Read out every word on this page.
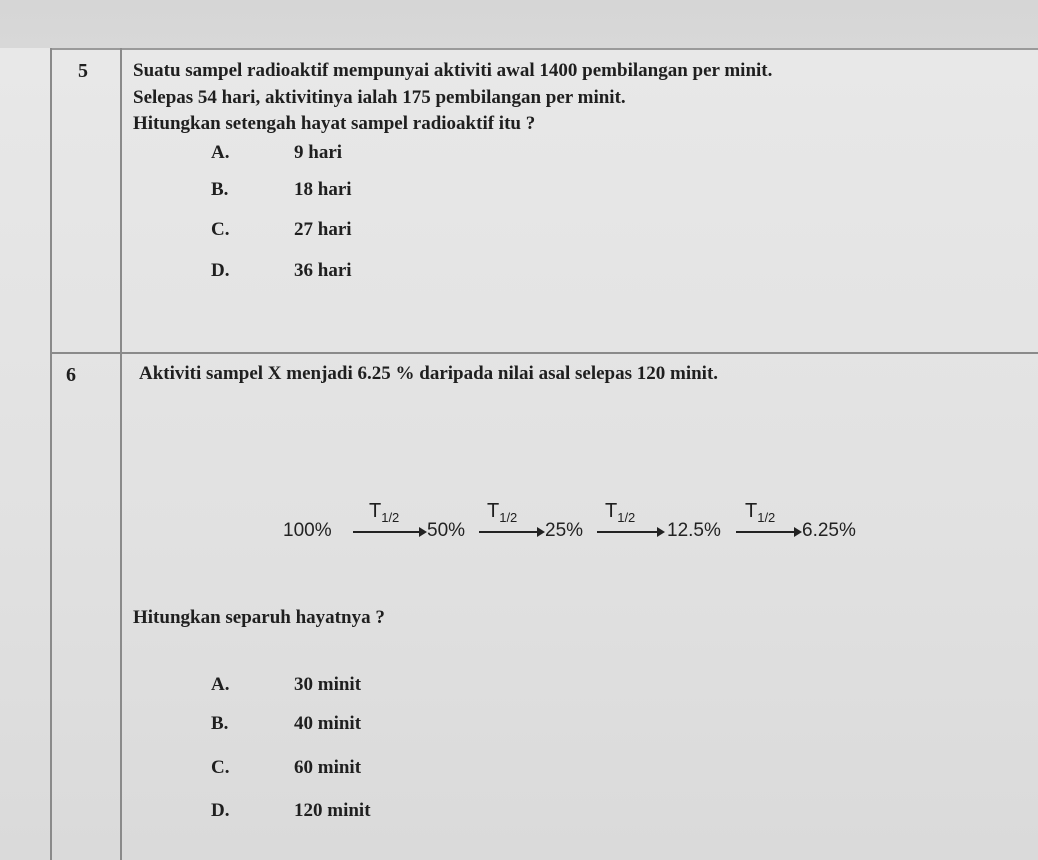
5 Suatu sampel radioaktif mempunyai aktiviti awal 1400 pembilangan per minit.
Selepas 54 hari, aktivitinya ialah 175 pembilangan per minit.
Hitungkan setengah hayat sampel radioaktif itu ?
A.	9 hari
B.	18 hari
C.	27 hari
D.	36 hari
6	Aktiviti sampel X menjadi 6.25 % daripada nilai asal selepas 120 minit.
100%
$T_{1/2}$
50%
$T_{1/2}$
25%
$T_{1/2}$
12.5%
$T_{1/2}$
6.25%
Hitungkan separuh hayatnya ?
A.	30 minit
B.	40 minit
C.	60 minit
D.	120 minit
